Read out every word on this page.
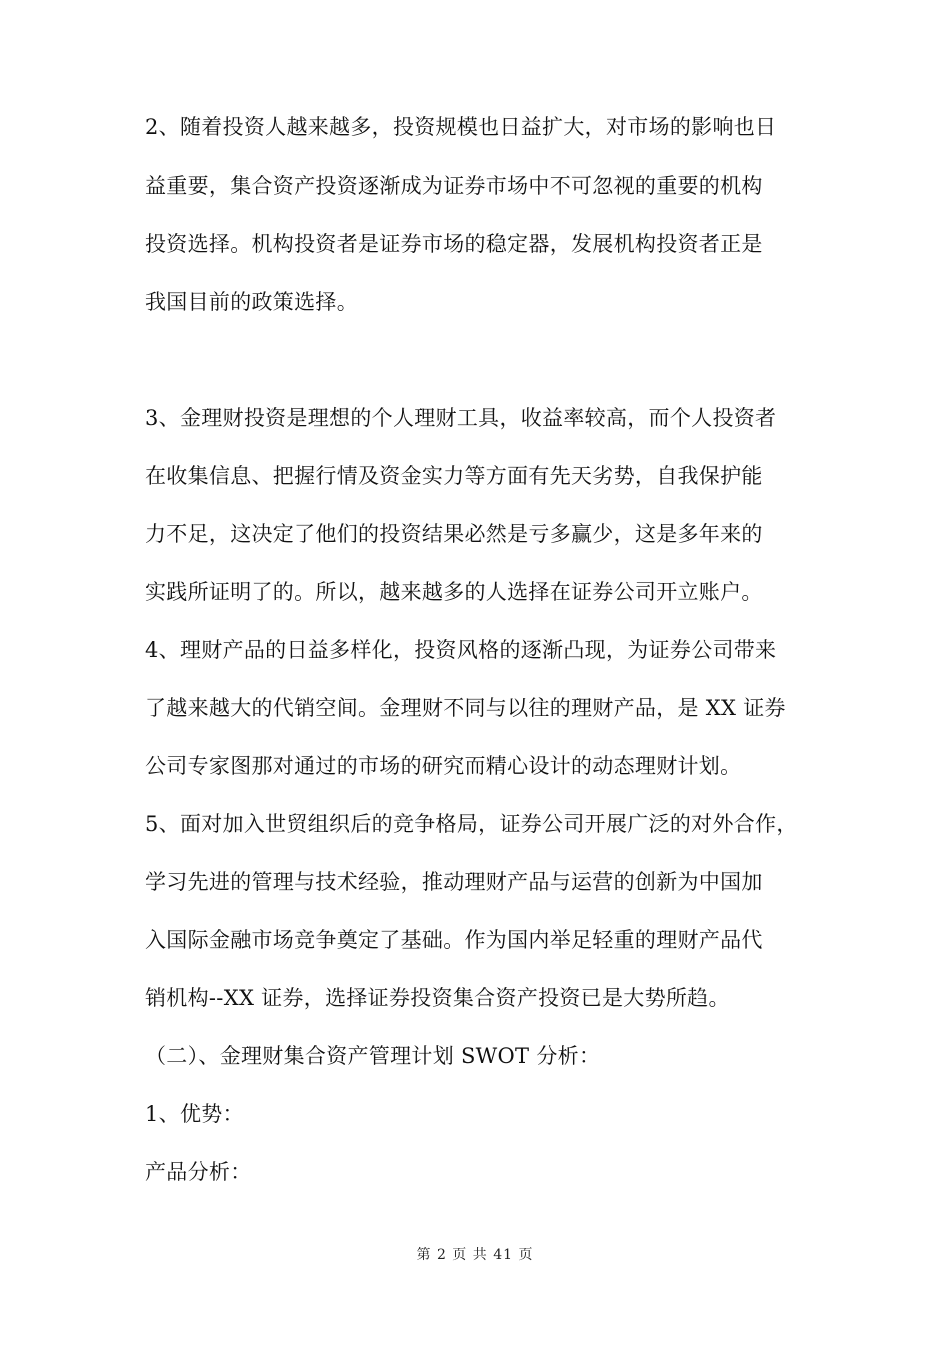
2、随着投资人越来越多，投资规模也日益扩大，对市场的影响也日
益重要，集合资产投资逐渐成为证券市场中不可忽视的重要的机构
投资选择。机构投资者是证券市场的稳定器，发展机构投资者正是
我国目前的政策选择。
3、金理财投资是理想的个人理财工具，收益率较高，而个人投资者
在收集信息、把握行情及资金实力等方面有先天劣势，自我保护能
力不足，这决定了他们的投资结果必然是亏多赢少，这是多年来的
实践所证明了的。所以，越来越多的人选择在证券公司开立账户。
4、理财产品的日益多样化，投资风格的逐渐凸现，为证券公司带来
了越来越大的代销空间。金理财不同与以往的理财产品，是 XX 证券
公司专家图那对通过的市场的研究而精心设计的动态理财计划。
5、面对加入世贸组织后的竞争格局，证券公司开展广泛的对外合作，
学习先进的管理与技术经验，推动理财产品与运营的创新为中国加
入国际金融市场竞争奠定了基础。作为国内举足轻重的理财产品代
销机构--XX 证券，选择证券投资集合资产投资已是大势所趋。
（二）、金理财集合资产管理计划 SWOT 分析：
1、优势：
产品分析：
第 2 页 共 41 页
